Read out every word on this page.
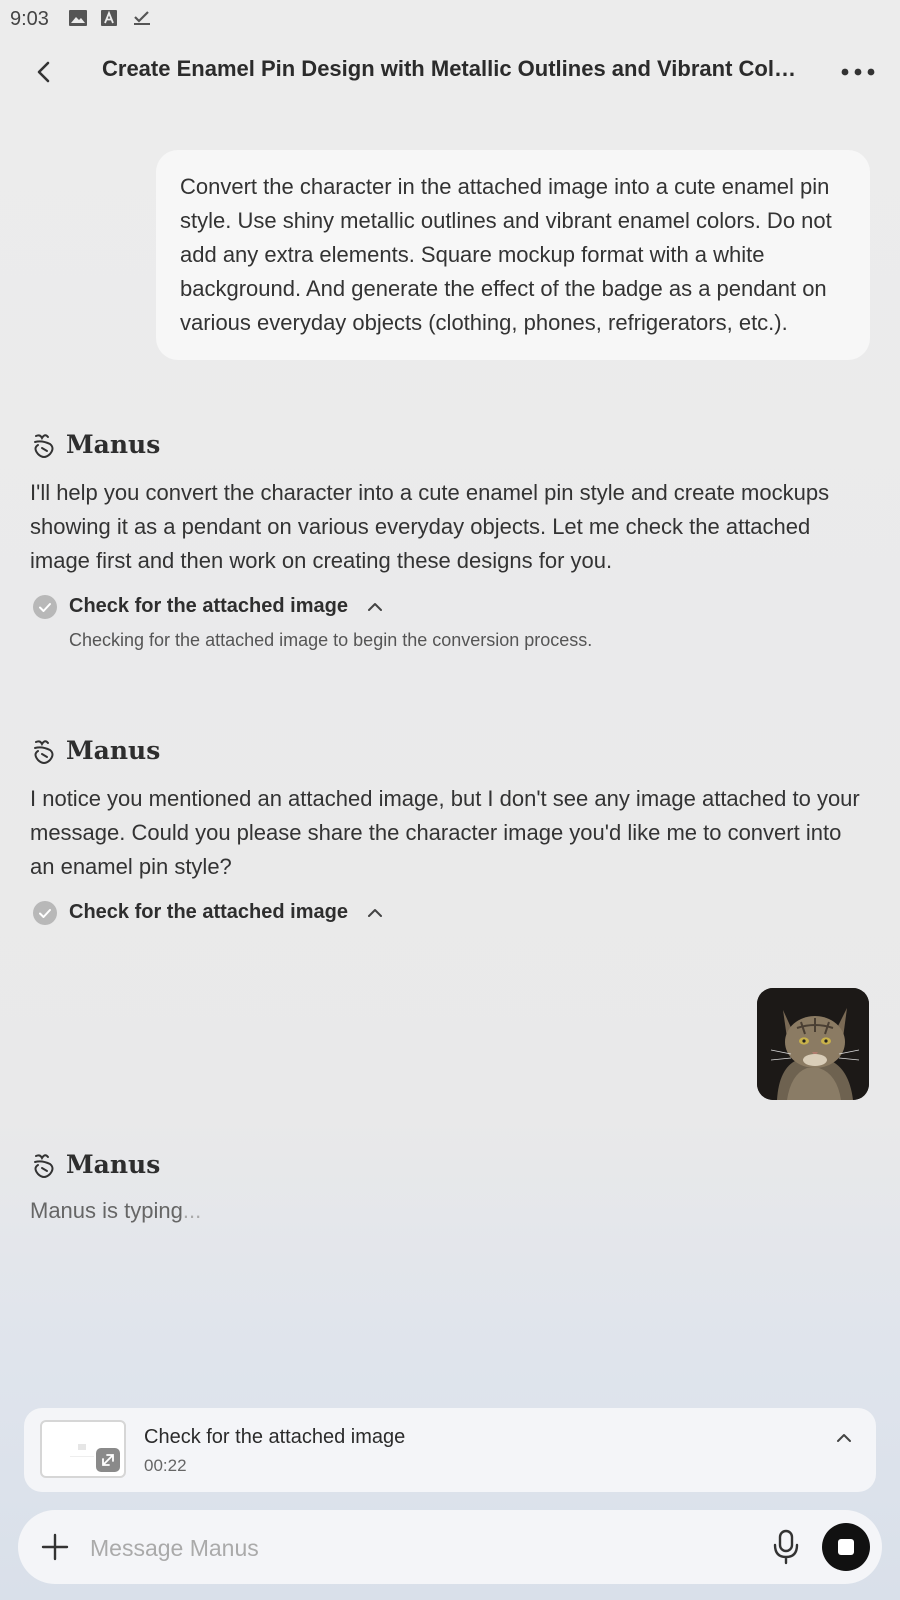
9:03
Create Enamel Pin Design with Metallic Outlines and Vibrant Col…
Convert the character in the attached image into a cute enamel pin style. Use shiny metallic outlines and vibrant enamel colors. Do not add any extra elements. Square mockup format with a white background. And generate the effect of the badge as a pendant on various everyday objects (clothing, phones, refrigerators, etc.).
Manus
I'll help you convert the character into a cute enamel pin style and create mockups showing it as a pendant on various everyday objects. Let me check the attached image first and then work on creating these designs for you.
Check for the attached image
Checking for the attached image to begin the conversion process.
Manus
I notice you mentioned an attached image, but I don't see any image attached to your message. Could you please share the character image you'd like me to convert into an enamel pin style?
Check for the attached image
Manus
Manus is typing...
Check for the attached image
00:22
Message Manus
